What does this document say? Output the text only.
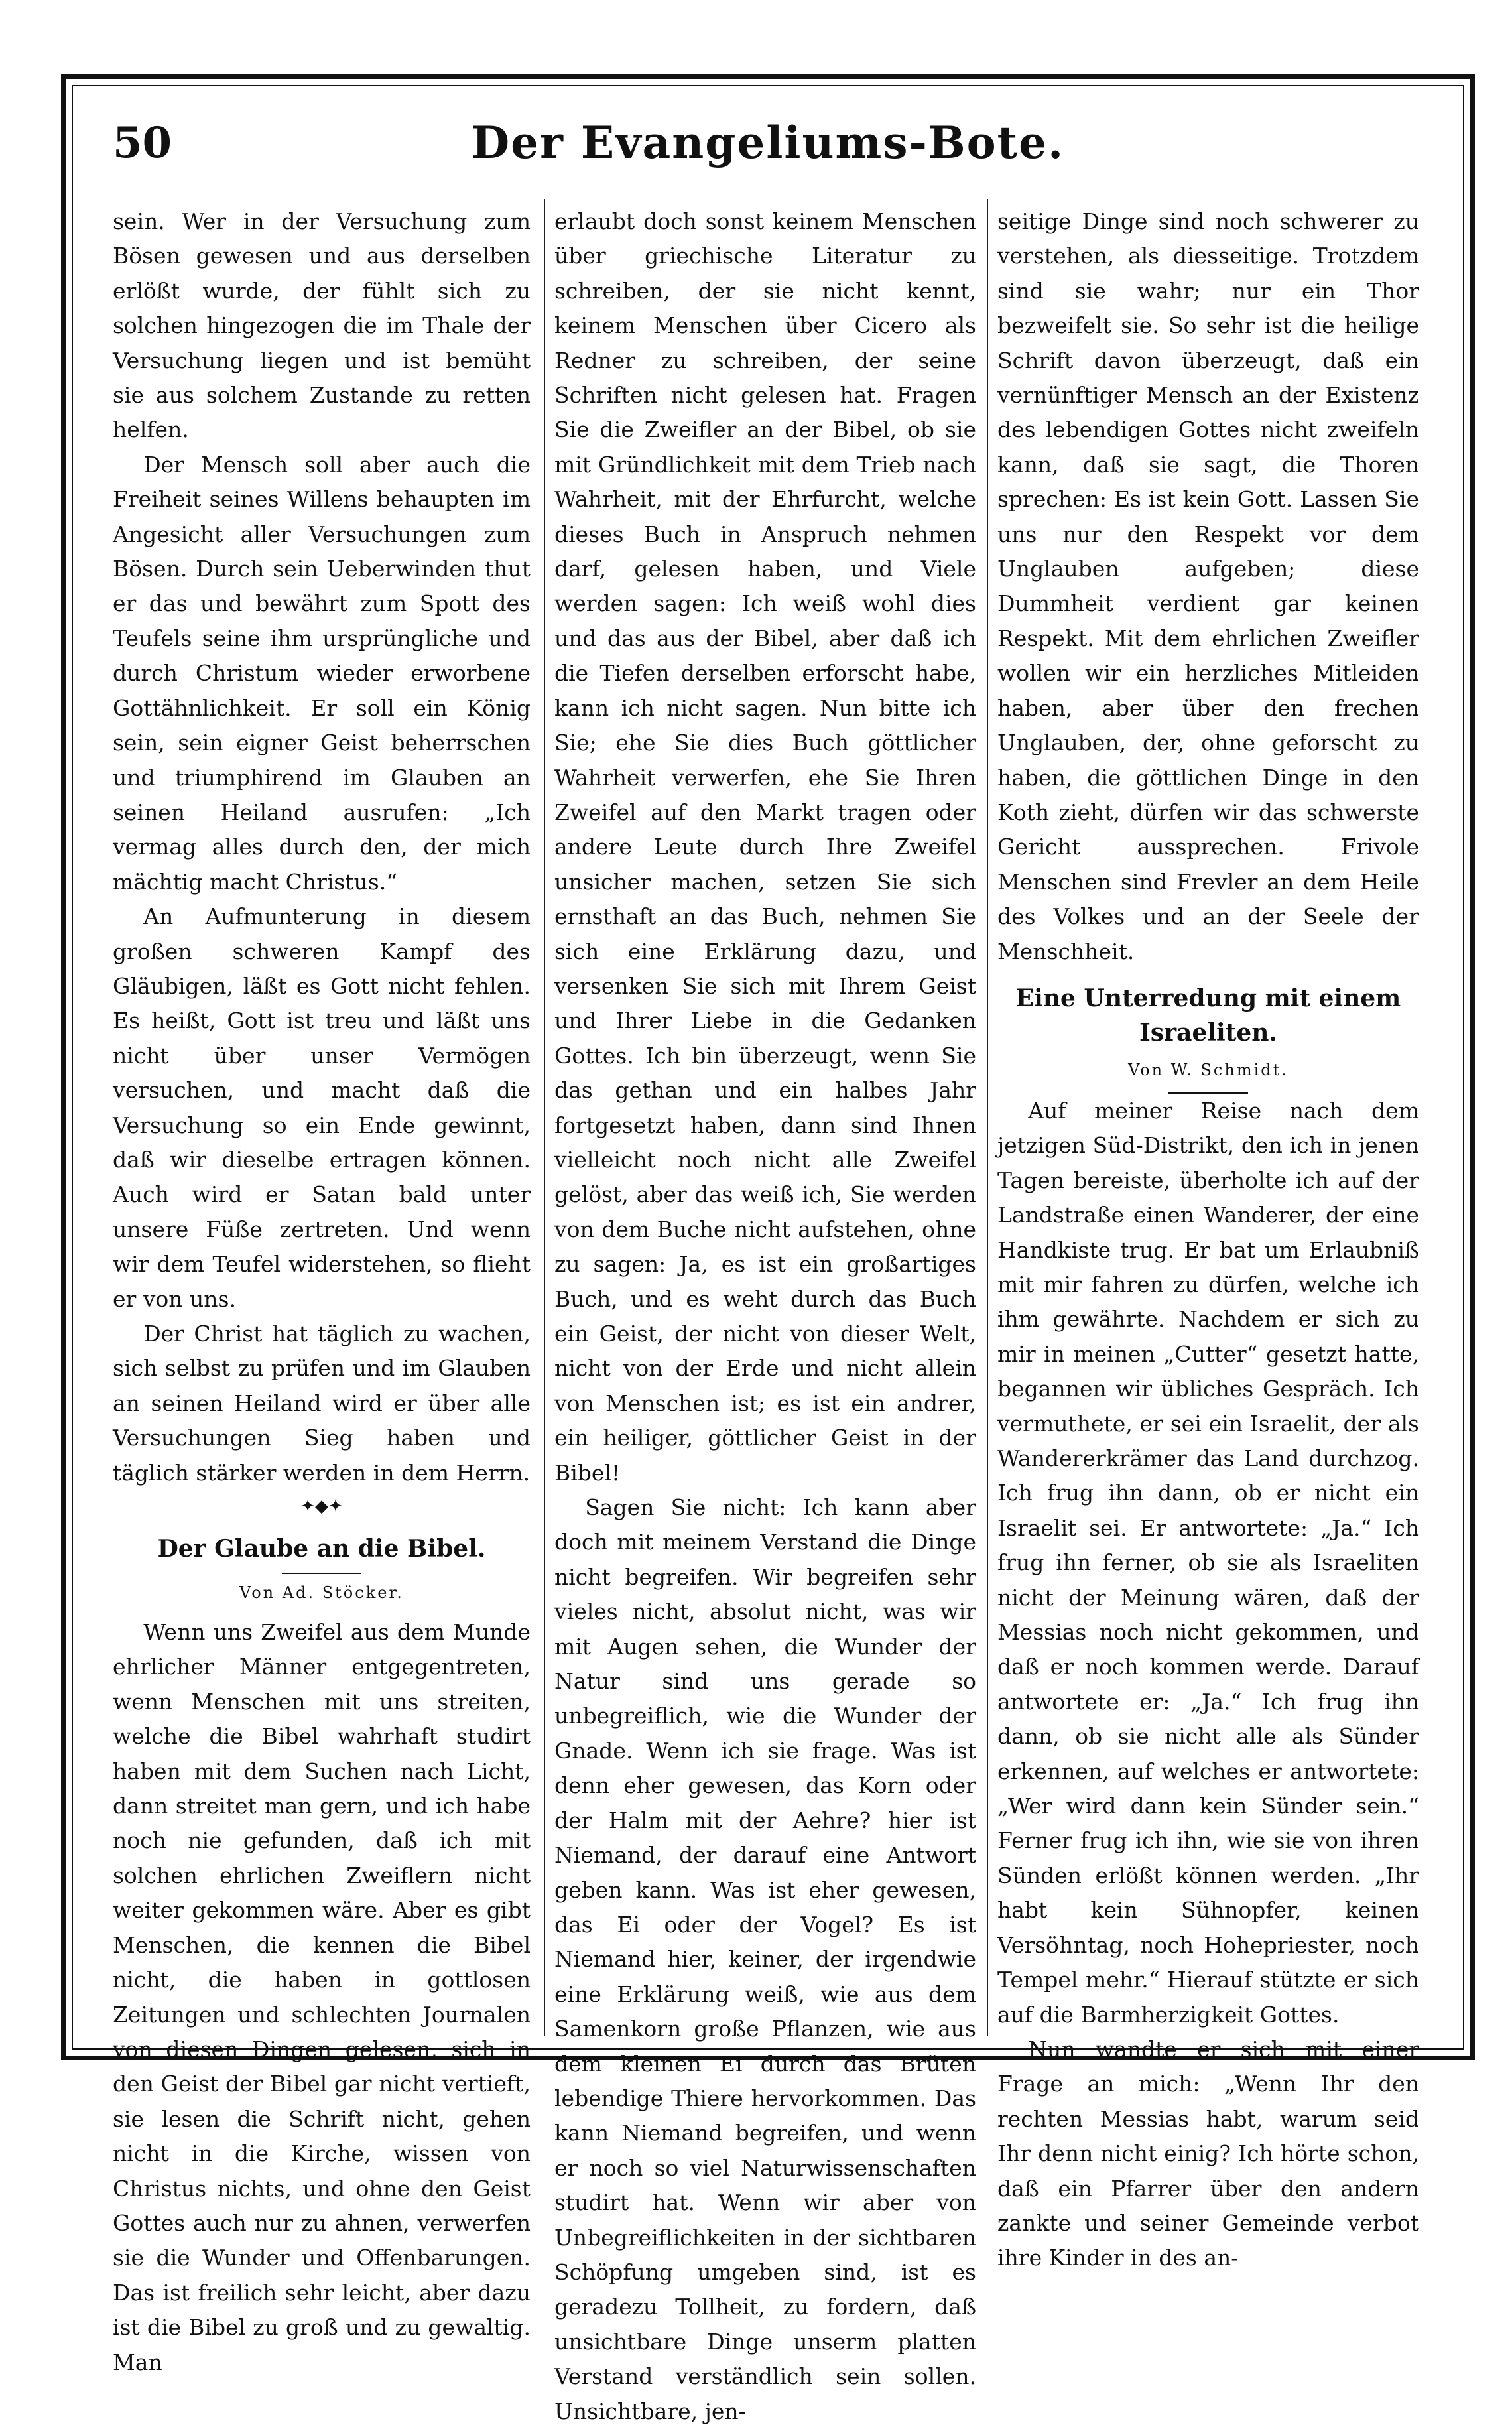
50	Der Evangeliums-Bote.

sein. Wer in der Versuchung zum Bösen gewesen und aus derselben erlößt wurde, der fühlt sich zu solchen hingezogen die im Thale der Versuchung liegen und ist bemüht sie aus solchem Zustande zu retten helfen.

Der Mensch soll aber auch die Freiheit seines Willens behaupten im Angesicht aller Versuchungen zum Bösen. Durch sein Ueberwinden thut er das und bewährt zum Spott des Teufels seine ihm ursprüngliche und durch Christum wieder erworbene Gottähnlichkeit. Er soll ein König sein, sein eigner Geist beherrschen und triumphirend im Glauben an seinen Heiland ausrufen: „Ich vermag alles durch den, der mich mächtig macht Christus.“

An Aufmunterung in diesem großen schweren Kampf des Gläubigen, läßt es Gott nicht fehlen. Es heißt, Gott ist treu und läßt uns nicht über unser Vermögen versuchen, und macht daß die Versuchung so ein Ende gewinnt, daß wir dieselbe ertragen können. Auch wird er Satan bald unter unsere Füße zertreten. Und wenn wir dem Teufel widerstehen, so flieht er von uns.

Der Christ hat täglich zu wachen, sich selbst zu prüfen und im Glauben an seinen Heiland wird er über alle Versuchungen Sieg haben und täglich stärker werden in dem Herrn.

✦◆✦
Der Glaube an die Bibel.
Von Ad. Stöcker.

Wenn uns Zweifel aus dem Munde ehrlicher Männer entgegentreten, wenn Menschen mit uns streiten, welche die Bibel wahrhaft studirt haben mit dem Suchen nach Licht, dann streitet man gern, und ich habe noch nie gefunden, daß ich mit solchen ehrlichen Zweiflern nicht weiter gekommen wäre. Aber es gibt Menschen, die kennen die Bibel nicht, die haben in gottlosen Zeitungen und schlechten Journalen von diesen Dingen gelesen, sich in den Geist der Bibel gar nicht vertieft, sie lesen die Schrift nicht, gehen nicht in die Kirche, wissen von Christus nichts, und ohne den Geist Gottes auch nur zu ahnen, verwerfen sie die Wunder und Offenbarungen. Das ist freilich sehr leicht, aber dazu ist die Bibel zu groß und zu gewaltig. Man

erlaubt doch sonst keinem Menschen über griechische Literatur zu schreiben, der sie nicht kennt, keinem Menschen über Cicero als Redner zu schreiben, der seine Schriften nicht gelesen hat. Fragen Sie die Zweifler an der Bibel, ob sie mit Gründlichkeit mit dem Trieb nach Wahrheit, mit der Ehrfurcht, welche dieses Buch in Anspruch nehmen darf, gelesen haben, und Viele werden sagen: Ich weiß wohl dies und das aus der Bibel, aber daß ich die Tiefen derselben erforscht habe, kann ich nicht sagen. Nun bitte ich Sie; ehe Sie dies Buch göttlicher Wahrheit verwerfen, ehe Sie Ihren Zweifel auf den Markt tragen oder andere Leute durch Ihre Zweifel unsicher machen, setzen Sie sich ernsthaft an das Buch, nehmen Sie sich eine Erklärung dazu, und versenken Sie sich mit Ihrem Geist und Ihrer Liebe in die Gedanken Gottes. Ich bin überzeugt, wenn Sie das gethan und ein halbes Jahr fortgesetzt haben, dann sind Ihnen vielleicht noch nicht alle Zweifel gelöst, aber das weiß ich, Sie werden von dem Buche nicht aufstehen, ohne zu sagen: Ja, es ist ein großartiges Buch, und es weht durch das Buch ein Geist, der nicht von dieser Welt, nicht von der Erde und nicht allein von Menschen ist; es ist ein andrer, ein heiliger, göttlicher Geist in der Bibel!

Sagen Sie nicht: Ich kann aber doch mit meinem Verstand die Dinge nicht begreifen. Wir begreifen sehr vieles nicht, absolut nicht, was wir mit Augen sehen, die Wunder der Natur sind uns gerade so unbegreiflich, wie die Wunder der Gnade. Wenn ich sie frage. Was ist denn eher gewesen, das Korn oder der Halm mit der Aehre? hier ist Niemand, der darauf eine Antwort geben kann. Was ist eher gewesen, das Ei oder der Vogel? Es ist Niemand hier, keiner, der irgendwie eine Erklärung weiß, wie aus dem Samenkorn große Pflanzen, wie aus dem kleinen Ei durch das Brüten lebendige Thiere hervorkommen. Das kann Niemand begreifen, und wenn er noch so viel Naturwissenschaften studirt hat. Wenn wir aber von Unbegreiflichkeiten in der sichtbaren Schöpfung umgeben sind, ist es geradezu Tollheit, zu fordern, daß unsichtbare Dinge unserm platten Verstand verständlich sein sollen. Unsichtbare, jen-

seitige Dinge sind noch schwerer zu verstehen, als diesseitige. Trotzdem sind sie wahr; nur ein Thor bezweifelt sie. So sehr ist die heilige Schrift davon überzeugt, daß ein vernünftiger Mensch an der Existenz des lebendigen Gottes nicht zweifeln kann, daß sie sagt, die Thoren sprechen: Es ist kein Gott. Lassen Sie uns nur den Respekt vor dem Unglauben aufgeben; diese Dummheit verdient gar keinen Respekt. Mit dem ehrlichen Zweifler wollen wir ein herzliches Mitleiden haben, aber über den frechen Unglauben, der, ohne geforscht zu haben, die göttlichen Dinge in den Koth zieht, dürfen wir das schwerste Gericht aussprechen. Frivole Menschen sind Frevler an dem Heile des Volkes und an der Seele der Menschheit.

Eine Unterredung mit einem Israeliten.
Von W. Schmidt.

Auf meiner Reise nach dem jetzigen Süd-Distrikt, den ich in jenen Tagen bereiste, überholte ich auf der Landstraße einen Wanderer, der eine Handkiste trug. Er bat um Erlaubniß mit mir fahren zu dürfen, welche ich ihm gewährte. Nachdem er sich zu mir in meinen „Cutter“ gesetzt hatte, begannen wir übliches Gespräch. Ich vermuthete, er sei ein Israelit, der als Wandererkrämer das Land durchzog. Ich frug ihn dann, ob er nicht ein Israelit sei. Er antwortete: „Ja.“ Ich frug ihn ferner, ob sie als Israeliten nicht der Meinung wären, daß der Messias noch nicht gekommen, und daß er noch kommen werde. Darauf antwortete er: „Ja.“ Ich frug ihn dann, ob sie nicht alle als Sünder erkennen, auf welches er antwortete: „Wer wird dann kein Sünder sein.“ Ferner frug ich ihn, wie sie von ihren Sünden erlößt können werden. „Ihr habt kein Sühnopfer, keinen Versöhntag, noch Hohepriester, noch Tempel mehr.“ Hierauf stützte er sich auf die Barmherzigkeit Gottes.

Nun wandte er sich mit einer Frage an mich: „Wenn Ihr den rechten Messias habt, warum seid Ihr denn nicht einig? Ich hörte schon, daß ein Pfarrer über den andern zankte und seiner Gemeinde verbot ihre Kinder in des an-
